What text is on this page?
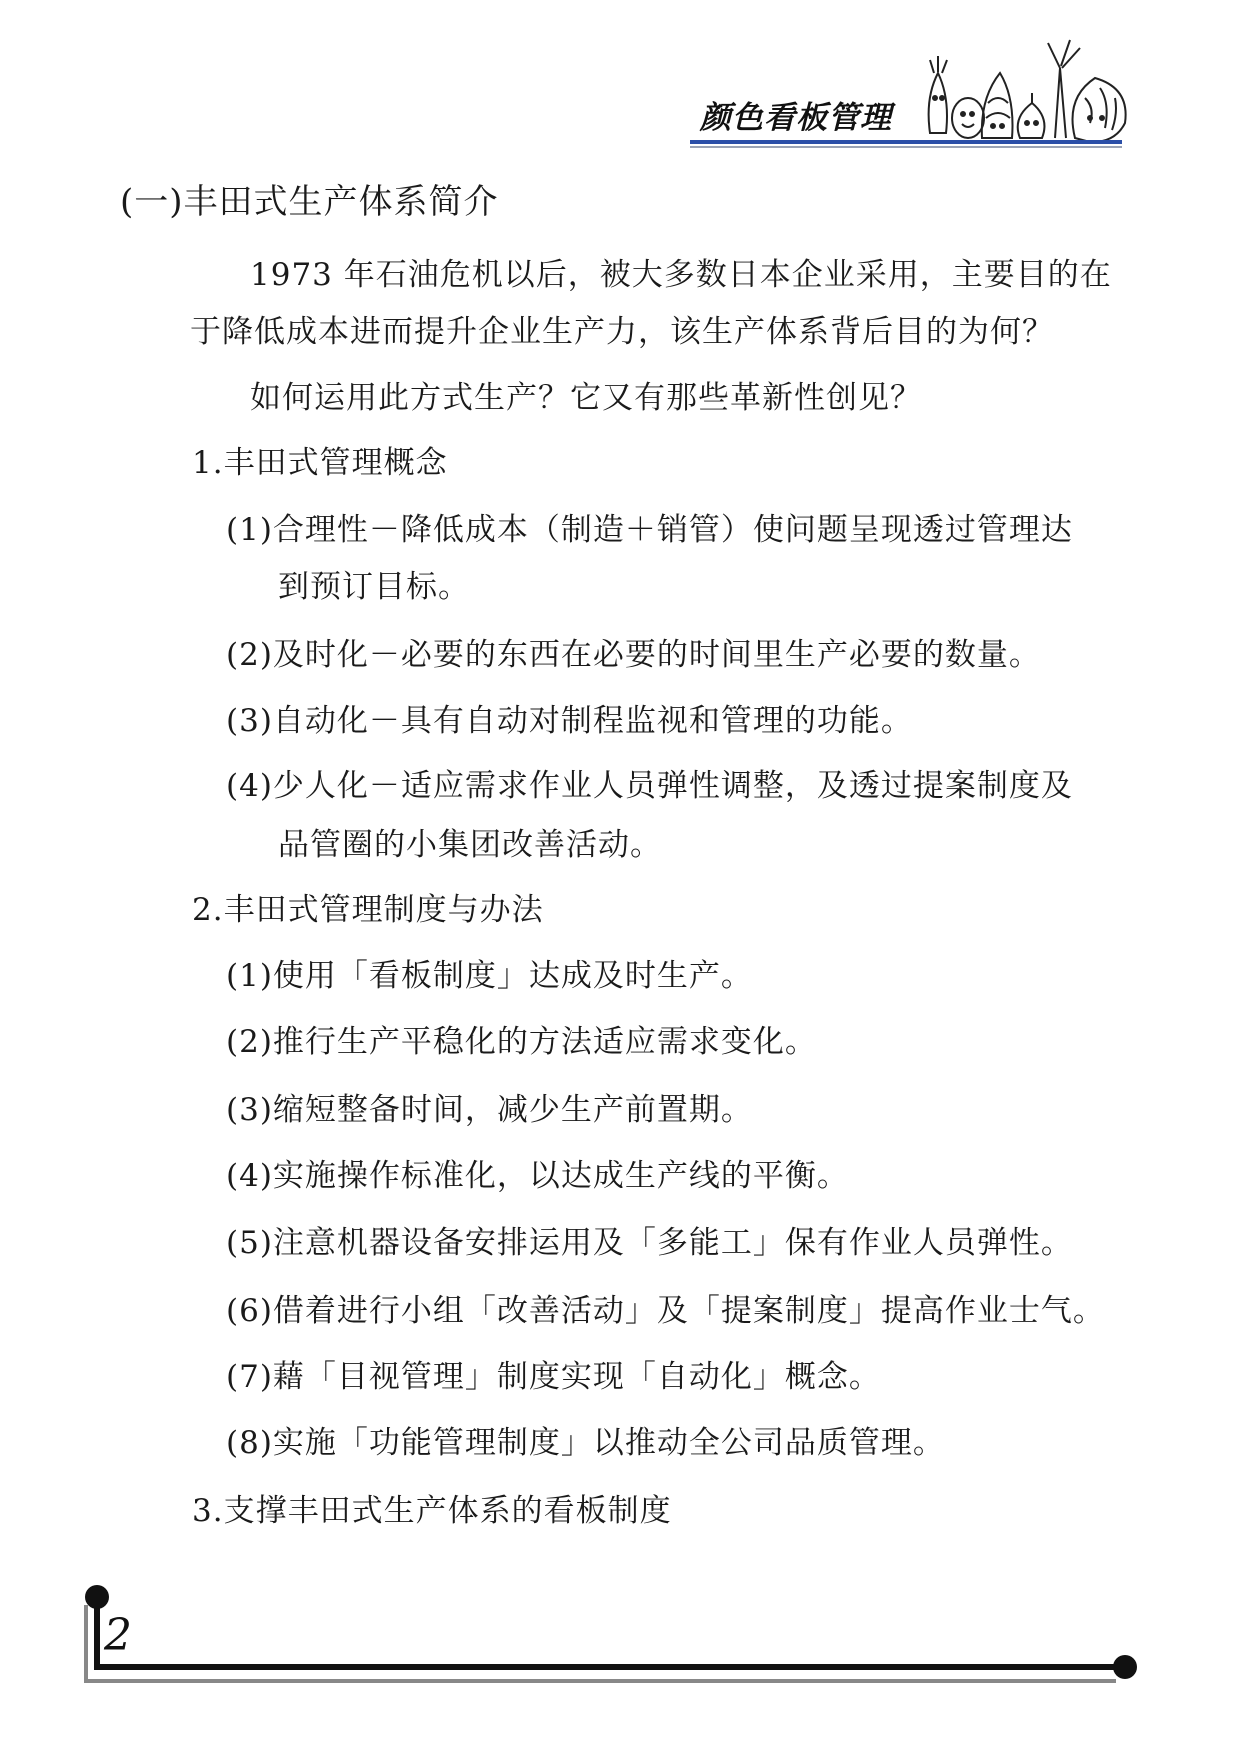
颜色看板管理
(一)丰田式生产体系简介
1973 年石油危机以后，被大多数日本企业采用，主要目的在
于降低成本进而提升企业生产力，该生产体系背后目的为何？
如何运用此方式生产？它又有那些革新性创见？
1.丰田式管理概念
(1)合理性－降低成本（制造＋销管）使问题呈现透过管理达
到预订目标。
(2)及时化－必要的东西在必要的时间里生产必要的数量。
(3)自动化－具有自动对制程监视和管理的功能。
(4)少人化－适应需求作业人员弹性调整，及透过提案制度及
品管圈的小集团改善活动。
2.丰田式管理制度与办法
(1)使用「看板制度」达成及时生产。
(2)推行生产平稳化的方法适应需求变化。
(3)缩短整备时间，减少生产前置期。
(4)实施操作标准化，以达成生产线的平衡。
(5)注意机器设备安排运用及「多能工」保有作业人员弹性。
(6)借着进行小组「改善活动」及「提案制度」提高作业士气。
(7)藉「目视管理」制度实现「自动化」概念。
(8)实施「功能管理制度」以推动全公司品质管理。
3.支撑丰田式生产体系的看板制度
2
